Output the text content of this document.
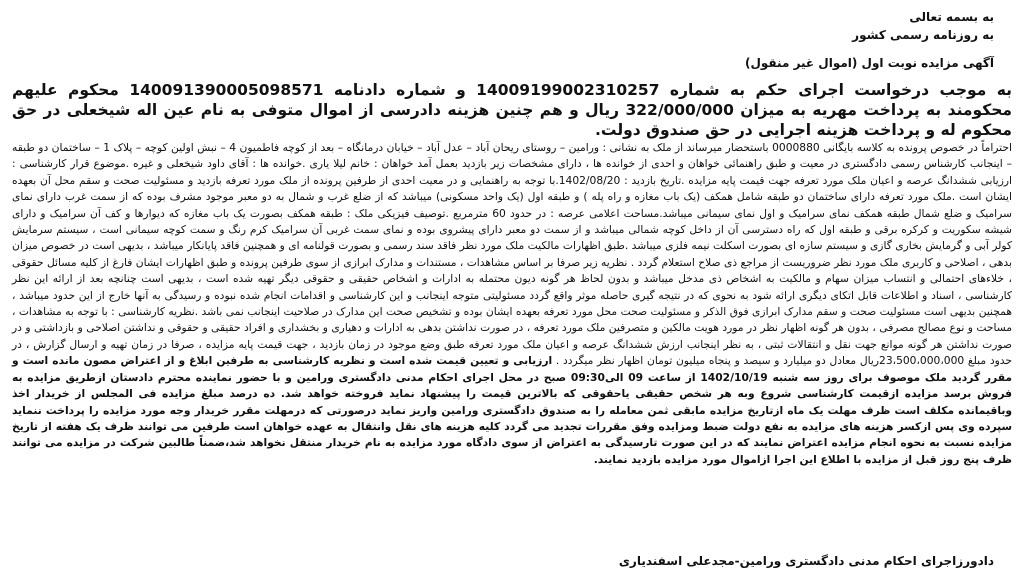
به بسمه تعالی

به روزنامه رسمی کشور

آگهی مزایده نوبت اول (اموال غیر منقول)

به موجب درخواست اجرای حکم به شماره 1400919900231025​7 و شماره دادنامه 140091390005098571 محکوم علیهم محکومند به پرداخت مهریه به میزان 322/000/000 ریال و هم چنین هزینه دادرسی از اموال متوفی به نام عین اله شیخعلی در حق محکوم له و پرداخت هزینه اجرایی در حق صندوق دولت.

احتراماً در خصوص پرونده به کلاسه بایگانی 0000880 باستحضار میرساند از ملک به نشانی : ورامین – روستای ریحان آباد – عدل آباد – خیابان درمانگاه – بعد از کوچه فاطمیون 4 – نبش اولین کوچه – پلاک 1 – ساختمان دو طبقه – اینجانب کارشناس رسمی دادگستری در معیت و طبق راهنمائی خواهان و احدی از خوانده ها ، دارای مشخصات زیر بازدید بعمل آمد خواهان : خانم لیلا یاری .خوانده ها : آقای داود شیخعلی و غیره .موضوع قرار کارشناسی : ارزیابی ششدانگ عرصه و اعیان ملک مورد تعرفه جهت قیمت پایه مزایده .تاریخ بازدید : 1402/08/20.با توجه به راهنمایی و در معیت احدی از طرفین پرونده از ملک مورد تعرفه بازدید و مسئولیت صحت و سقم محل آن بعهده ایشان است .ملک مورد تعرفه دارای ساختمان دو طبقه شامل همکف (یک باب مغازه و راه پله ) و طبقه اول (یک واحد مسکونی) میباشد که از ضلع غرب و شمال به دو معبر موجود مشرف بوده که از سمت غرب دارای نمای سرامیک و ضلع شمال طبقه همکف نمای سرامیک و اول نمای سیمانی میباشد.مساحت اعلامی عرصه : در حدود 60 مترمربع .توصیف فیزیکی ملک : طبقه همکف بصورت یک باب مغازه که دیوارها و کف آن سرامیک و دارای شیشه سکوریت و کرکره برقی و طبقه اول که راه دسترسی آن از داخل کوچه شمالی میباشد و از سمت دو معبر دارای پیشروی بوده و نمای سمت غربی آن سرامیک کرم رنگ و سمت کوچه سیمانی است ، سیستم سرمایش کولر آبی و گرمایش بخاری گازی و سیستم سازه ای بصورت اسکلت نیمه فلزی میباشد .طبق اظهارات مالکیت ملک مورد نظر فاقد سند رسمی و بصورت قولنامه ای و همچنین فاقد پایانکار میباشد ، بدیهی است در خصوص میزان بدهی ، اصلاحی و کاربری ملک مورد نظر ضروریست از مراجع ذی صلاح استعلام گردد . نظریه زیر صرفا بر اساس مشاهدات ، مستندات و مدارک ابرازی از سوی طرفین پرونده و طبق اظهارات ایشان فارغ از کلیه مسائل حقوقی ، خلاءهای احتمالی و انتساب میزان سهام و مالکیت به اشخاص ذی مدخل میباشد و بدون لحاظ هر گونه دیون محتمله به ادارات و اشخاص حقیقی و حقوقی دیگر تهیه شده است ، بدیهی است چنانچه بعد از ارائه این نظر کارشناسی ، اسناد و اطلاعات قابل اتکای دیگری ارائه شود به نحوی که در نتیجه گیری حاصله موثر واقع گردد مسئولیتی متوجه اینجانب و این کارشناسی و اقدامات انجام شده نبوده و رسیدگی به آنها خارج از این حدود میباشد ، همچنین بدیهی است مسئولیت صحت و سقم مدارک ابرازی فوق الذکر و مسئولیت صحت محل مورد تعرفه بعهده ایشان بوده و تشخیص صحت این مدارک در صلاحیت اینجانب نمی باشد .نظریه کارشناسی : با توجه به مشاهدات ، مساحت و نوع مصالح مصرفی ، بدون هر گونه اظهار نظر در مورد هویت مالکین و متصرفین ملک مورد تعرفه ، در صورت نداشتن بدهی به ادارات و دهیاری و بخشداری و افراد حقیقی و حقوقی و نداشتن اصلاحی و بازداشتی و در صورت نداشتن هر گونه موانع جهت نقل و انتقالات ثبتی ، به نظر اینجانب ارزش ششدانگ عرصه و اعیان ملک مورد تعرفه طبق وضع موجود در زمان بازدید ، جهت قیمت پایه مزایده ، صرفا در زمان تهیه و ارسال گزارش ، در حدود مبلغ 23،500،000،000ریال معادل دو میلیارد و سیصد و پنجاه میلیون تومان اظهار نظر میگردد . ارزیابی و تعیین قیمت شده است و نظریه کارشناسی به طرفین ابلاغ و از اعتراض مصون مانده است و مقرر گردید ملک موصوف برای روز سه شنبه 1402/10/19 از ساعت 09 الی09:30 صبح در محل اجرای احکام مدنی دادگستری ورامین و با حضور نماینده محترم دادستان ازطریق مزایده به فروش برسد مزایده ازقیمت کارشناسی شروع وبه هر شخص حقیقی یاحقوقی که بالاترین قیمت را پیشنهاد نماید فروخته خواهد شد. ده درصد مبلغ مزایده فی المجلس از خریدار اخذ وباقیمانده مکلف است ظرف مهلت یک ماه ازتاریخ مزایده مابقی ثمن معامله را به صندوق دادگستری ورامین واریز نماید درصورتی که درمهلت مقرر خریدار وجه مورد مزایده را پرداخت ننماید سپرده وی پس ازکسر هزینه های مزایده به نفع دولت ضبط ومزایده وفق مقررات تجدید می گردد کلیه هزینه های نقل وانتقال به عهده خواهان است طرفین می توانند ظرف یک هفته از تاریخ مزایده نسبت به نحوه انجام مزایده اعتراض نمایند که در این صورت تارسیدگی به اعتراض از سوی دادگاه مورد مزایده به نام خریدار منتقل نخواهد شد،ضمناً طالبین شرکت در مزایده می توانند ظرف پنج روز قبل از مزایده با اطلاع این اجرا ازاموال مورد مزایده بازدید نمایند.

دادورزاجرای احکام مدنی دادگستری ورامین-مجدعلی اسفندیاری
